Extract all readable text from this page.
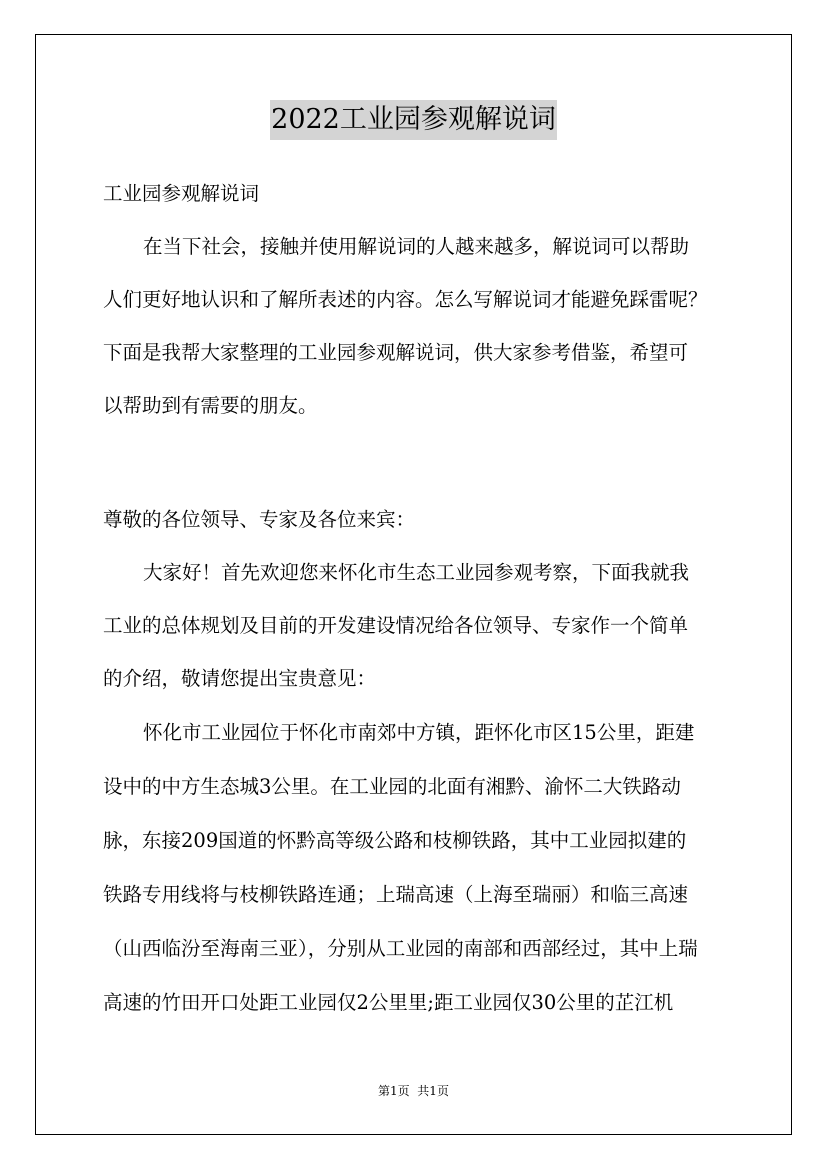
2022工业园参观解说词
工业园参观解说词
在当下社会，接触并使用解说词的人越来越多，解说词可以帮助
人们更好地认识和了解所表述的内容。怎么写解说词才能避免踩雷呢？
下面是我帮大家整理的工业园参观解说词，供大家参考借鉴，希望可
以帮助到有需要的朋友。
尊敬的各位领导、专家及各位来宾：
大家好！首先欢迎您来怀化市生态工业园参观考察，下面我就我
工业的总体规划及目前的开发建设情况给各位领导、专家作一个简单
的介绍，敬请您提出宝贵意见：
怀化市工业园位于怀化市南郊中方镇，距怀化市区15公里，距建
设中的中方生态城3公里。在工业园的北面有湘黔、渝怀二大铁路动
脉，东接209国道的怀黔高等级公路和枝柳铁路，其中工业园拟建的
铁路专用线将与枝柳铁路连通；上瑞高速（上海至瑞丽）和临三高速
（山西临汾至海南三亚），分别从工业园的南部和西部经过，其中上瑞
高速的竹田开口处距工业园仅2公里里;距工业园仅30公里的芷江机
第1页  共1页
